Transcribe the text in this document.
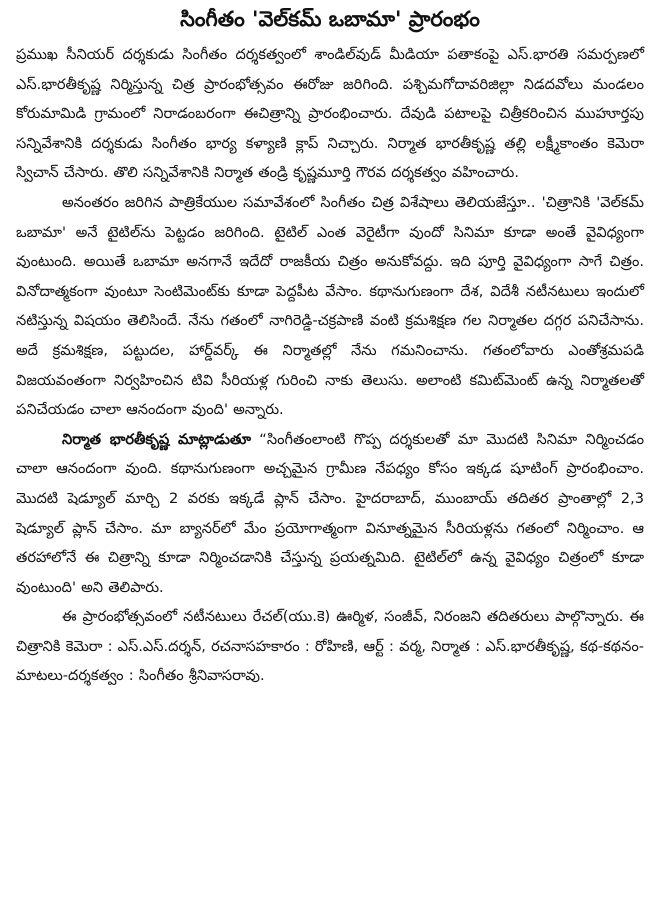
సింగీతం 'వెల్‌కమ్‌ ఒబామా' ప్రారంభం

ప్రముఖ సీనియర్‌ దర్శకుడు సింగీతం దర్శకత్వంలో శాండిల్‌వుడ్‌ మీడియా పతాకంపై ఎస్‌.భారతి సమర్పణలో ఎస్‌.భారతీకృష్ణ నిర్మిస్తున్న చిత్ర ప్రారంభోత్సవం ఈరోజు జరిగింది. పశ్చిమగోదావరిజిల్లా నిడదవోలు మండలం కోరుమామిడి గ్రామంలో నిరాడంబరంగా ఈచిత్రాన్ని ప్రారంభించారు. దేవుడి పటాలపై చిత్రీకరించిన ముహూర్తపు సన్నివేశానికి దర్శకుడు సింగీతం భార్య కళ్యాణి క్లాప్‌ నిచ్చారు. నిర్మాత భారతీకృష్ణ తల్లి లక్ష్మీకాంతం కెమెరా స్విచాన్‌ చేసారు. తొలి సన్నివేశానికి నిర్మాత తండ్రి కృష్ణమూర్తి గౌరవ దర్శకత్వం వహించారు.

అనంతరం జరిగిన పాత్రికేయుల సమావేశంలో సింగీతం చిత్ర విశేషాలు తెలియజేస్తూ.. 'చిత్రానికి 'వెల్‌కమ్‌ ఒబామా' అనే టైటిల్‌ను పెట్టడం జరిగింది. టైటిల్‌ ఎంత వెరైటీగా వుందో సినిమా కూడా అంతే వైవిధ్యంగా వుంటుంది. అయితే ఒబామా అనగానే ఇదేదో రాజకీయ చిత్రం అనుకోవద్దు. ఇది పూర్తి వైవిధ్యంగా సాగే చిత్రం. వినోదాత్మకంగా వుంటూ సెంటిమెంట్‌కు కూడా పెద్దపీట వేసాం. కథానుగుణంగా దేశ, విదేశీ నటీనటులు ఇందులో నటిస్తున్న విషయం తెలిసిందే. నేను గతంలో నాగిరెడ్డి-చక్రపాణి వంటి క్రమశిక్షణ గల నిర్మాతల దగ్గర పనిచేసాను. అదే క్రమశిక్షణ, పట్టుదల, హార్డ్‌వర్క్‌ ఈ నిర్మాతల్లో నేను గమనించాను. గతంలోవారు ఎంతోశ్రమపడి విజయవంతంగా నిర్వహించిన టివి సీరియళ్ల గురించి నాకు తెలుసు. అలాంటి కమిట్‌మెంట్‌ ఉన్న నిర్మాతలతో పనిచేయడం చాలా ఆనందంగా వుంది' అన్నారు.

నిర్మాత భారతీకృష్ణ మాట్లాడుతూ “సింగీతంలాంటి గొప్ప దర్శకులతో మా మొదటి సినిమా నిర్మించడం చాలా ఆనందంగా వుంది. కథానుగుణంగా అచ్చమైన గ్రామీణ నేపధ్యం కోసం ఇక్కడ షూటింగ్‌ ప్రారంభించాం. మొదటి షెడ్యూల్‌ మార్చి 2 వరకు ఇక్కడే ప్లాన్‌ చేసాం. హైదరాబాద్‌, ముంబాయ్‌ తదితర ప్రాంతాల్లో 2,3 షెడ్యూల్‌ ప్లాన్‌ చేసాం. మా బ్యానర్‌లో మేం ప్రయోగాత్మంగా వినూత్నమైన సీరియళ్లను గతంలో నిర్మించాం. ఆ తరహాలోనే ఈ చిత్రాన్ని కూడా నిర్మించడానికి చేస్తున్న ప్రయత్నమిది. టైటిల్‌లో ఉన్న వైవిధ్యం చిత్రంలో కూడా వుంటుంది' అని తెలిపారు.

ఈ ప్రారంభోత్సవంలో నటీనటులు రేచల్‌(యు.కె) ఊర్మిళ, సంజీవ్‌, నిరంజని తదితరులు పాల్గొన్నారు. ఈ చిత్రానికి కెమెరా : ఎస్‌.ఎస్‌.దర్శన్‌, రచనాసహకారం : రోహిణి, ఆర్ట్‌ : వర్మ, నిర్మాత : ఎస్‌.భారతీకృష్ణ, కథ-కథనం-మాటలు-దర్శకత్వం : సింగీతం శ్రీనివాసరావు.
